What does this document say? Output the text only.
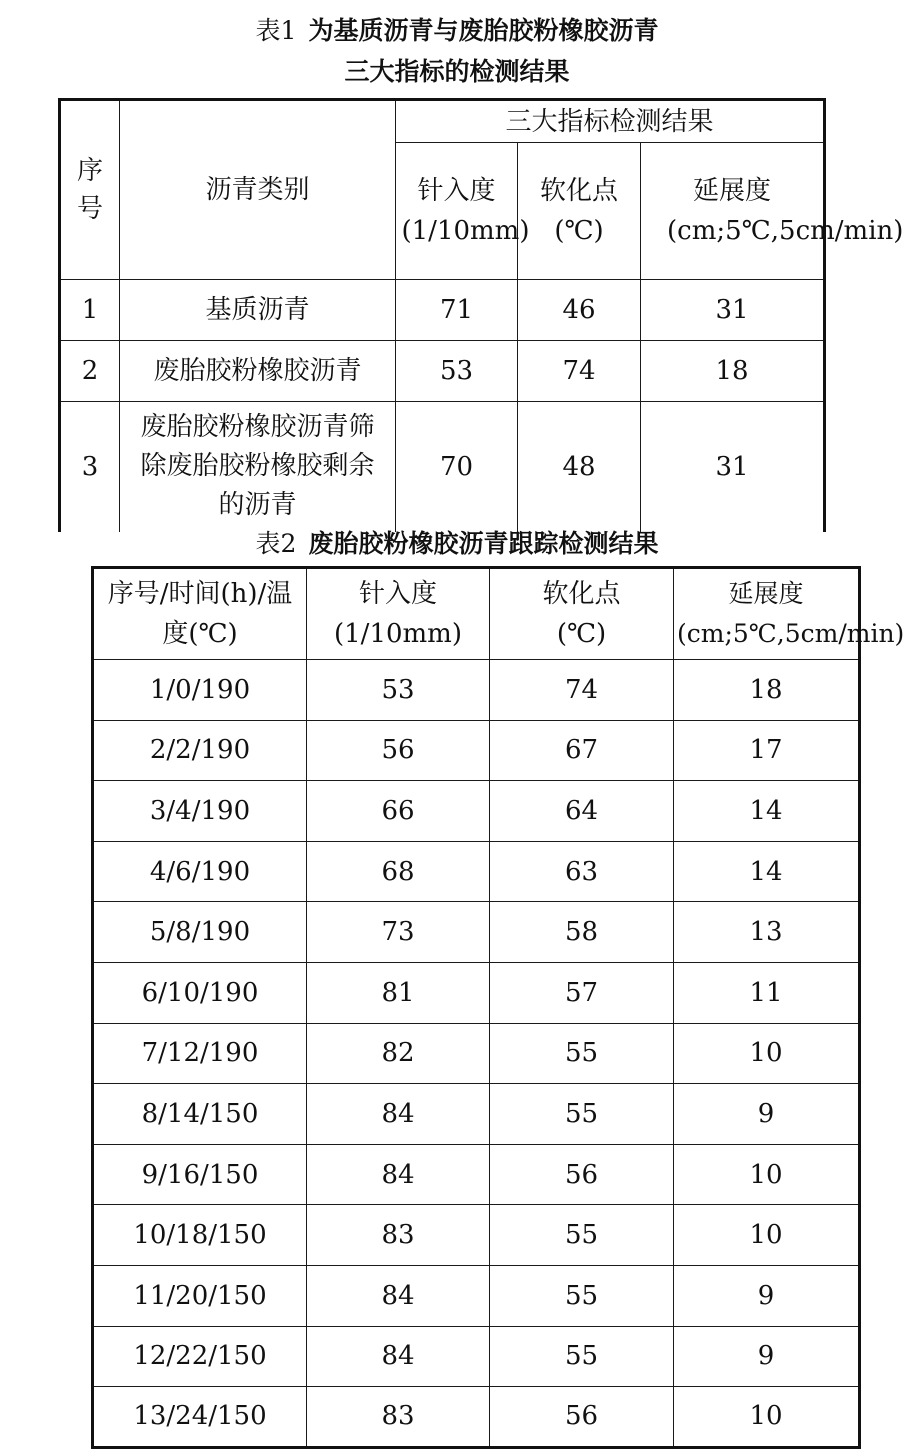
表1 为基质沥青与废胎胶粉橡胶沥青
三大指标的检测结果
序号	沥青类别	三大指标检测结果		

		针入度(1/10mm)	软化点(℃)	延展度(cm;5℃,5cm/min)

1	基质沥青	71	46	31
2	废胎胶粉橡胶沥青	53	74	18
3	废胎胶粉橡胶沥青筛除废胎胶粉橡胶剩余的沥青	70	48	31
表2 废胎胶粉橡胶沥青跟踪检测结果
序号/时间(h)/温度(℃)	针入度(1/10mm)	软化点(℃)	延展度(cm;5℃,5cm/min)

1/0/190	53	74	18
2/2/190	56	67	17
3/4/190	66	64	14
4/6/190	68	63	14
5/8/190	73	58	13
6/10/190	81	57	11
7/12/190	82	55	10
8/14/150	84	55	9
9/16/150	84	56	10
10/18/150	83	55	10
11/20/150	84	55	9
12/22/150	84	55	9
13/24/150	83	56	10
